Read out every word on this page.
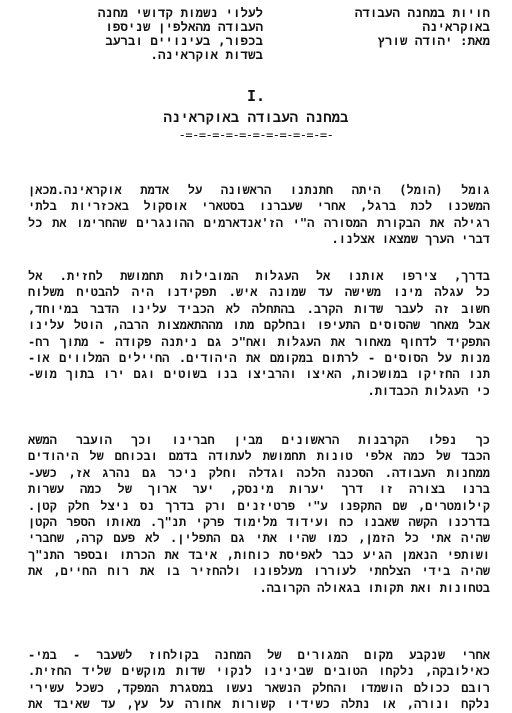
חויות במחנה העבודה
באוקראינה
מאת: יהודה שורץ
לעלוי נשמות קדושי מחנה
העבודה מהאלפין שניספו
בכפור, בעינויים וברעב
בשדות אוקראינה.
I.
במחנה העבודה באוקראינה
-=-=-=-=-=-=-=-=-=-=-=-
גומל (הומל) היתה חתנתנו הראשונה על אדמת אוקראינה.מכאן
המשכנו לכת ברגל, אחרי שעברנו בסטארי אוסקול באכזריות בלתי
רגילה את הבקורת המסורה ה"י הז'אנדארמים ההונגרים שהחרימו את כל
דברי הערך שמצאו אצלנו.
בדרך, צירפו אותנו אל העגלות המובילות תחמושת לחזית. אל
כל עגלה מינו משישה עד שמונה איש. תפקידנו היה להבטיח משלוח
חשוב זה לעבר שדות הקרב. בהתחלה לא הכביד עלינו הדבר במיוחד,
אבל מאחר שהסוסים התעיפו ובחלקם מתו מההתאמצות הרבה, הוטל עלינו
התפקיד לדחוף מאחור את העגלות ואח"כ גם ניתנה פקודה - מתוך רח-
מנות על הסוסים - לרתום במקומם את היהודים. החיילים המלווים או-
תנו החזיקו במושכות, האיצו והרביצו בנו בשוטים וגם ירו בתוך מוש-
כי העגלות הכבדות.
כך נפלו הקרבנות הראשונים מבין חברינו וכך הועבר המשא
הכבד של כמה אלפי טונות תחמושת לעתודה בדמם ובכוחם של היהודים
ממחנות העבודה. הסכנה הלכה וגדלה וחלק ניכר גם נהרג אז, כשע-
ברנו בצורה זו דרך יערות מינסק, יער ארוך של כמה עשרות
קילומטרים, שם התקפנו ע"י פרטיזנים ורק בדרך נס ניצל חלק קטן.
בדרכנו הקשה שאבנו כח ועידוד מלימוד פרקי תנ"ך. מאותו הספר הקטן
שהיה אתי כל הזמן, כמו שהיו אתי גם התפלין. לא פעם קרה, שחברי
ושותפי הנאמן הגיע כבר לאפיסת כוחות, איבד את הכרתו ובספר התנ"ך
שהיה בידי הצלחתי לעוררו מעלפונו ולהחזיר בו את רוח החיים, את
בטחונות ואת תקותו בגאולה הקרובה.
אחרי שנקבע מקום המגורים של המחנה בקולחוז לשעבר - במי-
כאילובקה, נלקחו הטובים שבינינו לנקוי שדות מוקשים שליד החזית.
רובם ככולם הושמדו והחלק הנשאר נעשו במסגרת המפקד, כשכל עשירי
נלקח ונורה, או נתלה כשידיו קשורות אחורה על עץ, עד שאיבד את
